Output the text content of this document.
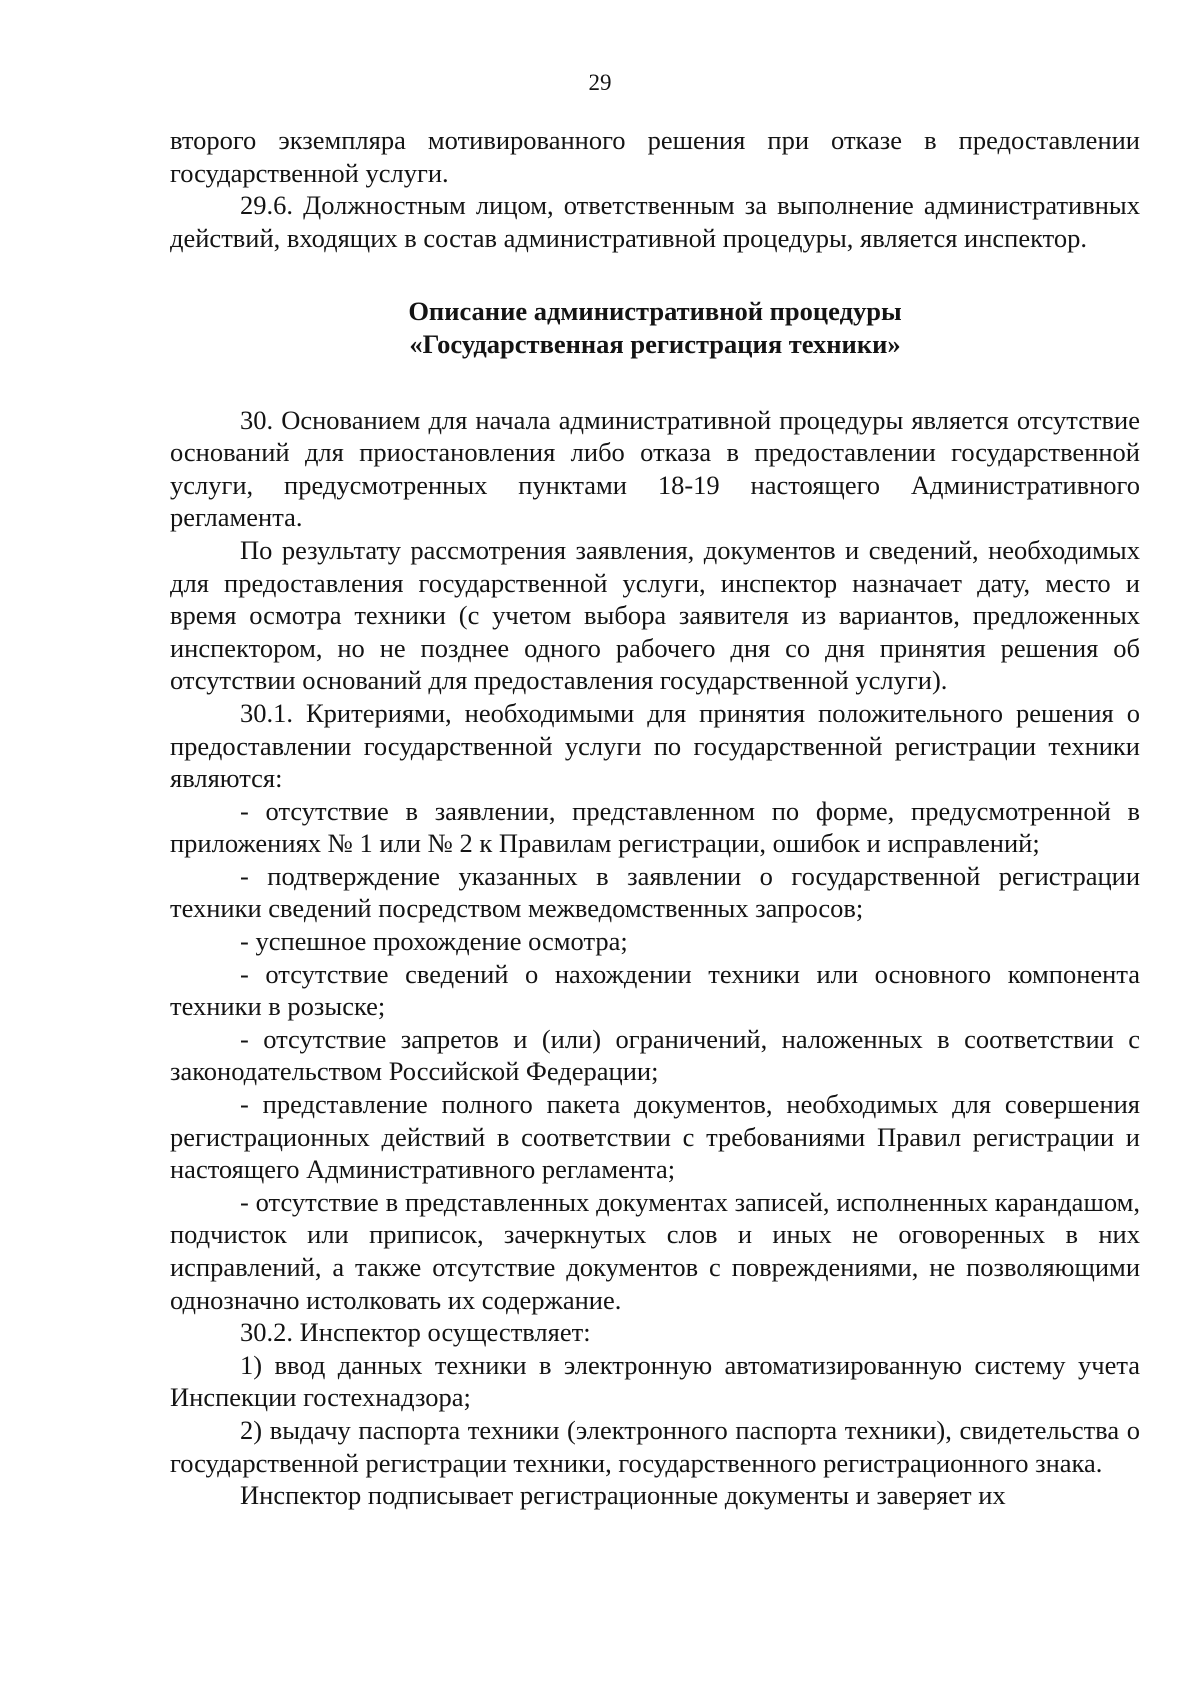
29

второго экземпляра мотивированного решения при отказе в предоставлении государственной услуги.

29.6. Должностным лицом, ответственным за выполнение административных действий, входящих в состав административной процедуры, является инспектор.

Описание административной процедуры
«Государственная регистрация техники»

30. Основанием для начала административной процедуры является отсутствие оснований для приостановления либо отказа в предоставлении государственной услуги, предусмотренных пунктами 18-19 настоящего Административного регламента.

По результату рассмотрения заявления, документов и сведений, необходимых для предоставления государственной услуги, инспектор назначает дату, место и время осмотра техники (с учетом выбора заявителя из вариантов, предложенных инспектором, но не позднее одного рабочего дня со дня принятия решения об отсутствии оснований для предоставления государственной услуги).

30.1. Критериями, необходимыми для принятия положительного решения о предоставлении государственной услуги по государственной регистрации техники являются:

- отсутствие в заявлении, представленном по форме, предусмотренной в приложениях № 1 или № 2 к Правилам регистрации, ошибок и исправлений;

- подтверждение указанных в заявлении о государственной регистрации техники сведений посредством межведомственных запросов;

- успешное прохождение осмотра;

- отсутствие сведений о нахождении техники или основного компонента техники в розыске;

- отсутствие запретов и (или) ограничений, наложенных в соответствии с законодательством Российской Федерации;

- представление полного пакета документов, необходимых для совершения регистрационных действий в соответствии с требованиями Правил регистрации и настоящего Административного регламента;

- отсутствие в представленных документах записей, исполненных карандашом, подчисток или приписок, зачеркнутых слов и иных не оговоренных в них исправлений, а также отсутствие документов с повреждениями, не позволяющими однозначно истолковать их содержание.

30.2. Инспектор осуществляет:

1) ввод данных техники в электронную автоматизированную систему учета Инспекции гостехнадзора;

2) выдачу паспорта техники (электронного паспорта техники), свидетельства о государственной регистрации техники, государственного регистрационного знака.

Инспектор подписывает регистрационные документы и заверяет их
